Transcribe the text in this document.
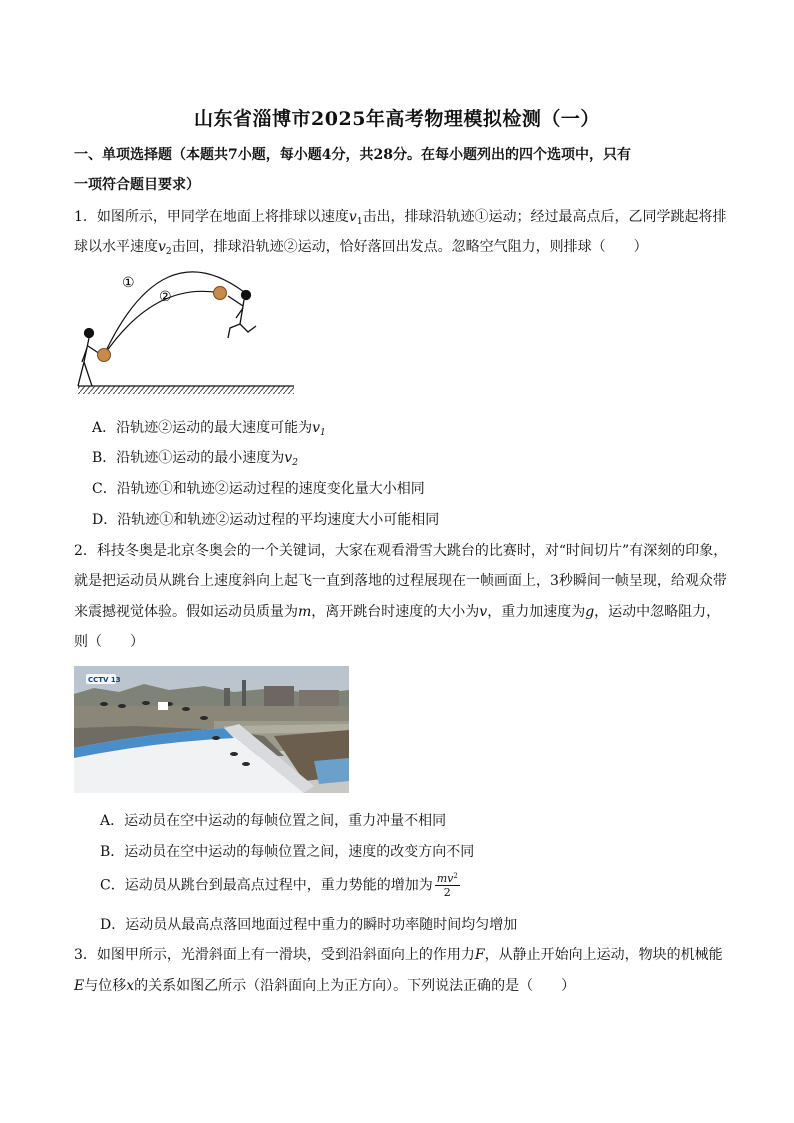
山东省淄博市2025年高考物理模拟检测（一）
一、单项选择题（本题共7小题，每小题4分，共28分。在每小题列出的四个选项中，只有
一项符合题目要求）
1．如图所示，甲同学在地面上将排球以速度$v_1$击出，排球沿轨迹①运动；经过最高点后，乙同学跳起将排
球以水平速度$v_2$击回，排球沿轨迹②运动，恰好落回出发点。忽略空气阻力，则排球（　　）
①
②
A．沿轨迹②运动的最大速度可能为$v_1$
B．沿轨迹①运动的最小速度为$v_2$
C．沿轨迹①和轨迹②运动过程的速度变化量大小相同
D．沿轨迹①和轨迹②运动过程的平均速度大小可能相同
2．科技冬奥是北京冬奥会的一个关键词，大家在观看滑雪大跳台的比赛时，对“时间切片”有深刻的印象，
就是把运动员从跳台上速度斜向上起飞一直到落地的过程展现在一帧画面上，3秒瞬间一帧呈现，给观众带
来震撼视觉体验。假如运动员质量为m，离开跳台时速度的大小为v，重力加速度为g，运动中忽略阻力，
则（　　）
CCTV 13
A．运动员在空中运动的每帧位置之间，重力冲量不相同
B．运动员在空中运动的每帧位置之间，速度的改变方向不同
C．运动员从跳台到最高点过程中，重力势能的增加为 $\frac{mv^2}{2}$
D．运动员从最高点落回地面过程中重力的瞬时功率随时间均匀增加
3．如图甲所示，光滑斜面上有一滑块，受到沿斜面向上的作用力F，从静止开始向上运动，物块的机械能
E与位移x的关系如图乙所示（沿斜面向上为正方向）。下列说法正确的是（　　）
